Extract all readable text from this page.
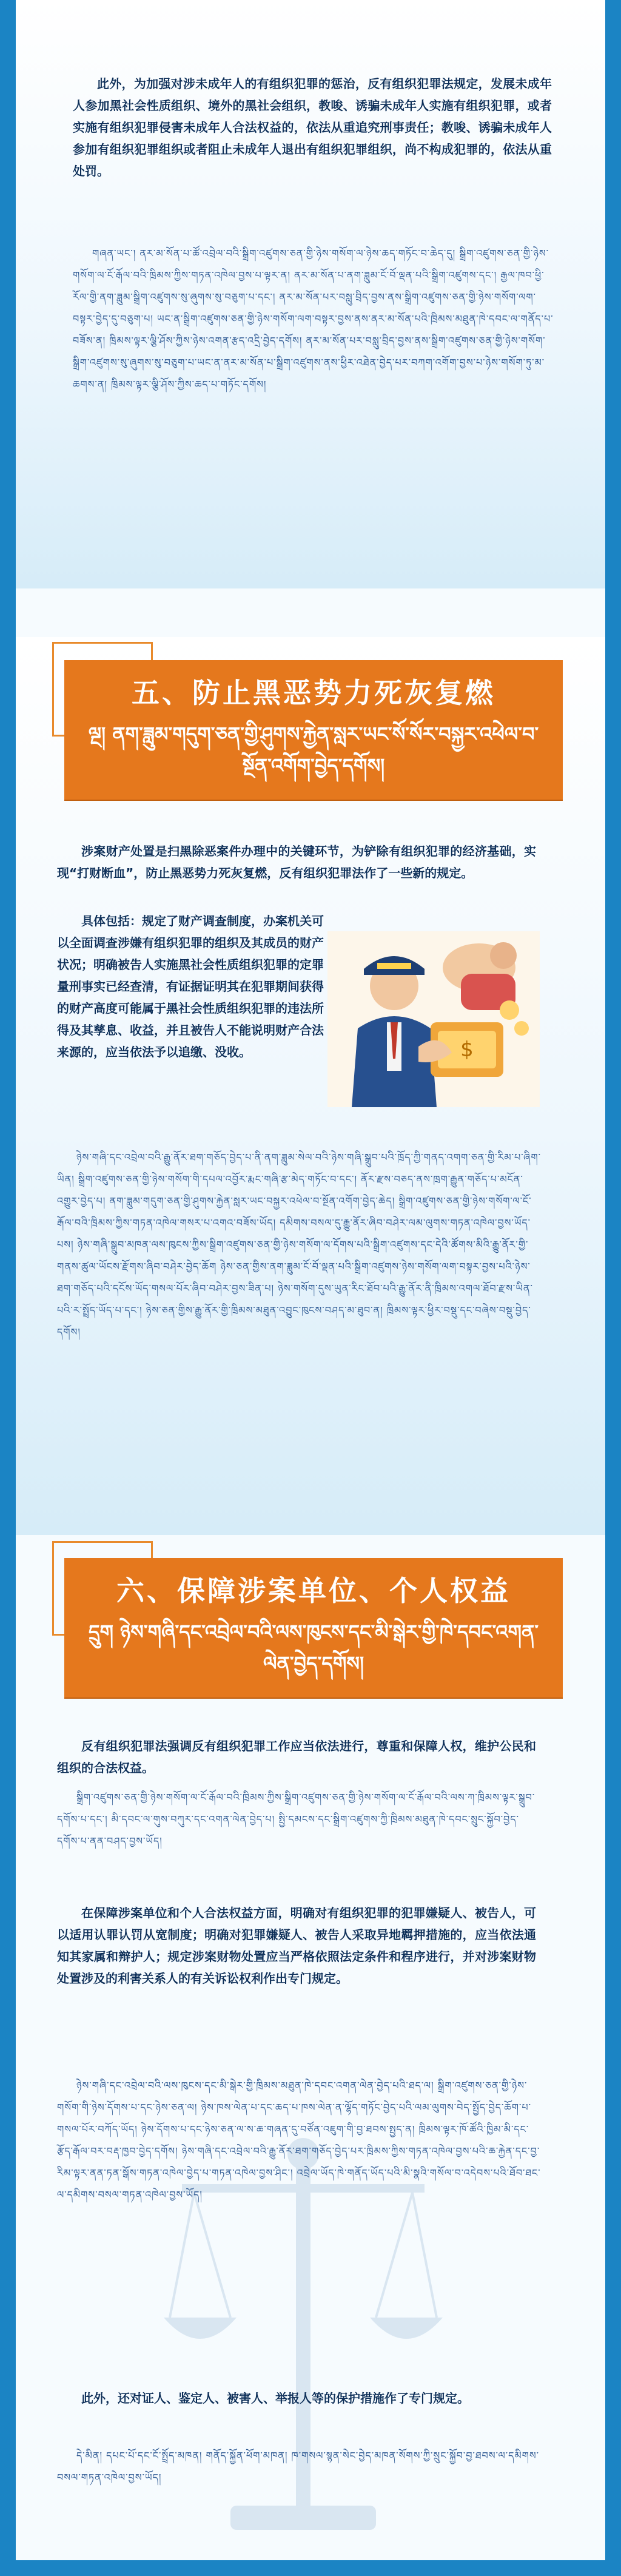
此外，为加强对涉未成年人的有组织犯罪的惩治，反有组织犯罪法规定，发展未成年人参加黑社会性质组织、境外的黑社会组织，教唆、诱骗未成年人实施有组织犯罪，或者实施有组织犯罪侵害未成年人合法权益的，依法从重追究刑事责任；教唆、诱骗未成年人参加有组织犯罪组织或者阻止未成年人退出有组织犯罪组织，尚不构成犯罪的，依法从重处罚。

གཞན་ཡང་། ནར་མ་སོན་པ་ཚོ་འབྲེལ་བའི་སྒྲིག་འཛུགས་ཅན་གྱི་ཉེས་གསོག་ལ་ཉེས་ཆད་གཏོང་བ་ཆེད་དུ། སྒྲིག་འཛུགས་ཅན་གྱི་ཉེས་གསོག་ལ་ངོ་རྒོལ་བའི་ཁྲིམས་ཀྱིས་གཏན་འཁེལ་བྱས་པ་ལྟར་ན། ནར་མ་སོན་པ་ནག་ཟླུམ་ངོ་བོ་ལྡན་པའི་སྒྲིག་འཛུགས་དང་། རྒྱལ་ཁབ་ཕྱི་རོལ་གྱི་ནག་ཟླུམ་སྒྲིག་འཛུགས་སུ་ཞུགས་སུ་བཅུག་པ་དང་། ནར་མ་སོན་པར་བསླུ་བྲིད་བྱས་ནས་སྒྲིག་འཛུགས་ཅན་གྱི་ཉེས་གསོག་ལག་བསྟར་བྱེད་དུ་བཅུག་པ། ཡང་ན་སྒྲིག་འཛུགས་ཅན་གྱི་ཉེས་གསོག་ལག་བསྟར་བྱས་ནས་ནར་མ་སོན་པའི་ཁྲིམས་མཐུན་ཁེ་དབང་ལ་གནོད་པ་བཟོས་ན། ཁྲིམས་ལྟར་ལྕི་ཤོས་ཀྱིས་ཉེས་འགན་རྩད་འདྲི་བྱེད་དགོས། ནར་མ་སོན་པར་བསླུ་བྲིད་བྱས་ནས་སྒྲིག་འཛུགས་ཅན་གྱི་ཉེས་གསོག་སྒྲིག་འཛུགས་སུ་ཞུགས་སུ་བཅུག་པ་ཡང་ན་ནར་མ་སོན་པ་སྒྲིག་འཛུགས་ནས་ཕྱིར་འཐེན་བྱེད་པར་བཀག་འགོག་བྱས་པ་ཉེས་གསོག་ཏུ་མ་ཆགས་ན། ཁྲིམས་ལྟར་ལྕི་ཤོས་ཀྱིས་ཆད་པ་གཏོང་དགོས།

五、防止黑恶势力死灰复燃
ལྔ། ནག་ཟླུམ་གདུག་ཅན་གྱི་ཤུགས་རྐྱེན་སླར་ཡང་སོ་སོར་བསྐྱར་འཕེལ་བ་སྔོན་འགོག་བྱེད་དགོས།

涉案财产处置是扫黑除恶案件办理中的关键环节，为铲除有组织犯罪的经济基础，实现“打财断血”，防止黑恶势力死灰复燃，反有组织犯罪法作了一些新的规定。

具体包括：规定了财产调查制度，办案机关可以全面调查涉嫌有组织犯罪的组织及其成员的财产状况；明确被告人实施黑社会性质组织犯罪的定罪量刑事实已经查清，有证据证明其在犯罪期间获得的财产高度可能属于黑社会性质组织犯罪的违法所得及其孳息、收益，并且被告人不能说明财产合法来源的，应当依法予以追缴、没收。	$

ཉེས་གཞི་དང་འབྲེལ་བའི་རྒྱུ་ནོར་ཐག་གཅོད་བྱེད་པ་ནི་ནག་ཟླུམ་སེལ་བའི་ཉེས་གཞི་སྒྲུབ་པའི་ཁྲོད་ཀྱི་གནད་འགག་ཅན་གྱི་རིམ་པ་ཞིག་ཡིན། སྒྲིག་འཛུགས་ཅན་གྱི་ཉེས་གསོག་གི་དཔལ་འབྱོར་རྨང་གཞི་རྩ་མེད་གཏོང་བ་དང་། ནོར་རྫས་བཅད་ནས་ཁྲག་རྒྱུན་གཅོད་པ་མངོན་འགྱུར་བྱེད་པ། ནག་ཟླུམ་གདུག་ཅན་གྱི་ཤུགས་རྐྱེན་སླར་ཡང་བསྐྱར་འཕེལ་བ་སྔོན་འགོག་བྱེད་ཆེད། སྒྲིག་འཛུགས་ཅན་གྱི་ཉེས་གསོག་ལ་ངོ་རྒོལ་བའི་ཁྲིམས་ཀྱིས་གཏན་འཁེལ་གསར་པ་འགའ་བཟོས་ཡོད། དམིགས་བསལ་དུ་རྒྱུ་ནོར་ཞིབ་བཤེར་ལམ་ལུགས་གཏན་འཁེལ་བྱས་ཡོད་པས། ཉེས་གཞི་སྒྲུབ་མཁན་ལས་ཁུངས་ཀྱིས་སྒྲིག་འཛུགས་ཅན་གྱི་ཉེས་གསོག་ལ་དོགས་པའི་སྒྲིག་འཛུགས་དང་དེའི་ཚོགས་མིའི་རྒྱུ་ནོར་གྱི་གནས་ཚུལ་ཡོངས་རྫོགས་ཞིབ་བཤེར་བྱེད་ཆོག ཉེས་ཅན་གྱིས་ནག་ཟླུམ་ངོ་བོ་ལྡན་པའི་སྒྲིག་འཛུགས་ཉེས་གསོག་ལག་བསྟར་བྱས་པའི་ཉེས་ཐག་གཅོད་པའི་དངོས་ཡོད་གསལ་པོར་ཞིབ་བཤེར་བྱས་ཟིན་པ། ཉེས་གསོག་དུས་ཡུན་རིང་ཐོབ་པའི་རྒྱུ་ནོར་ནི་ཁྲིམས་འགལ་ཐོབ་རྫས་ཡིན་པའི་ར་སྤྲོད་ཡོད་པ་དང་། ཉེས་ཅན་གྱིས་རྒྱུ་ནོར་གྱི་ཁྲིམས་མཐུན་འབྱུང་ཁུངས་བཤད་མ་ཐུབ་ན། ཁྲིམས་ལྟར་ཕྱིར་བསྡུ་དང་བཞེས་བསྡུ་བྱེད་དགོས།

六、保障涉案单位、个人权益
དྲུག ཉེས་གཞི་དང་འབྲེལ་བའི་ལས་ཁུངས་དང་མི་སྒེར་གྱི་ཁེ་དབང་འགན་ལེན་བྱེད་དགོས།

反有组织犯罪法强调反有组织犯罪工作应当依法进行，尊重和保障人权，维护公民和组织的合法权益。

སྒྲིག་འཛུགས་ཅན་གྱི་ཉེས་གསོག་ལ་ངོ་རྒོལ་བའི་ཁྲིམས་ཀྱིས་སྒྲིག་འཛུགས་ཅན་གྱི་ཉེས་གསོག་ལ་ངོ་རྒོལ་བའི་ལས་ཀ་ཁྲིམས་ལྟར་སྒྲུབ་དགོས་པ་དང་། མི་དབང་ལ་གུས་བཀུར་དང་འགན་ལེན་བྱེད་པ། སྤྱི་དམངས་དང་སྒྲིག་འཛུགས་ཀྱི་ཁྲིམས་མཐུན་ཁེ་དབང་སྲུང་སྐྱོབ་བྱེད་དགོས་པ་ནན་བཤད་བྱས་ཡོད།

在保障涉案单位和个人合法权益方面，明确对有组织犯罪的犯罪嫌疑人、被告人，可以适用认罪认罚从宽制度；明确对犯罪嫌疑人、被告人采取异地羁押措施的，应当依法通知其家属和辩护人；规定涉案财物处置应当严格依照法定条件和程序进行，并对涉案财物处置涉及的利害关系人的有关诉讼权利作出专门规定。

ཉེས་གཞི་དང་འབྲེལ་བའི་ལས་ཁུངས་དང་མི་སྒེར་གྱི་ཁྲིམས་མཐུན་ཁེ་དབང་འགན་ལེན་བྱེད་པའི་ཐད་ལ། སྒྲིག་འཛུགས་ཅན་གྱི་ཉེས་གསོག་གི་ཉེས་དོགས་པ་དང་ཉེས་ཅན་ལ། ཉེས་ཁས་ལེན་པ་དང་ཆད་པ་ཁས་ལེན་ན་ལྷོད་གཏོང་བྱེད་པའི་ལམ་ལུགས་བེད་སྤྱོད་བྱེད་ཆོག་པ་གསལ་པོར་བཀོད་ཡོད། ཉེས་དོགས་པ་དང་ཉེས་ཅན་ལ་ས་ཆ་གཞན་དུ་བཙོན་འཇུག་གི་བྱ་ཐབས་སྤྱད་ན། ཁྲིམས་ལྟར་ཁོ་ཚོའི་ཁྱིམ་མི་དང་རྩོད་རྒོལ་བར་བརྡ་ཁྱབ་བྱེད་དགོས། ཉེས་གཞི་དང་འབྲེལ་བའི་རྒྱུ་ནོར་ཐག་གཅོད་བྱེད་པར་ཁྲིམས་ཀྱིས་གཏན་འཁེལ་བྱས་པའི་ཆ་རྐྱེན་དང་བྱ་རིམ་ལྟར་ནན་ཏན་སྒོས་གཏན་འཁེལ་བྱེད་པ་གཏན་འཁེལ་བྱས་ཤིང་། འབྲེལ་ཡོད་ཁེ་གནོད་ཡོད་པའི་མི་སྣའི་གསོལ་བ་འདེབས་པའི་ཐོབ་ཐང་ལ་དམིགས་བསལ་གཏན་འཁེལ་བྱས་ཡོད།

此外，还对证人、鉴定人、被害人、举报人等的保护措施作了专门规定。

དེ་མིན། དཔང་པོ་དང་ངོ་སྤྲོད་མཁན། གནོད་སྐྱོན་ཕོག་མཁན། ཁ་གསལ་སྙན་སེང་བྱེད་མཁན་སོགས་ཀྱི་སྲུང་སྐྱོབ་བྱ་ཐབས་ལ་དམིགས་བསལ་གཏན་འཁེལ་བྱས་ཡོད།
